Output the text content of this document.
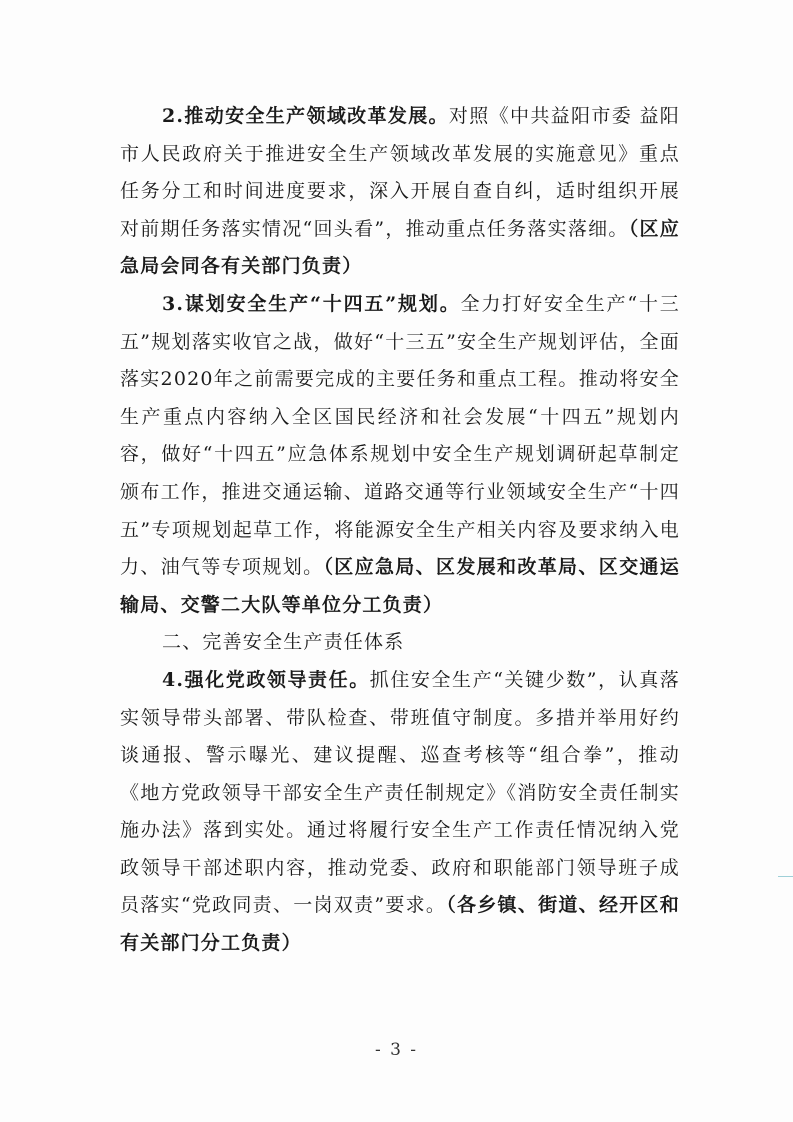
2.推动安全生产领域改革发展。对照《中共益阳市委 益阳市人民政府关于推进安全生产领域改革发展的实施意见》重点任务分工和时间进度要求，深入开展自查自纠，适时组织开展对前期任务落实情况“回头看”，推动重点任务落实落细。（区应急局会同各有关部门负责）

3.谋划安全生产“十四五”规划。全力打好安全生产“十三五”规划落实收官之战，做好“十三五”安全生产规划评估，全面落实2020年之前需要完成的主要任务和重点工程。推动将安全生产重点内容纳入全区国民经济和社会发展“十四五”规划内容，做好“十四五”应急体系规划中安全生产规划调研起草制定颁布工作，推进交通运输、道路交通等行业领域安全生产“十四五”专项规划起草工作，将能源安全生产相关内容及要求纳入电力、油气等专项规划。（区应急局、区发展和改革局、区交通运输局、交警二大队等单位分工负责）

二、完善安全生产责任体系

4.强化党政领导责任。抓住安全生产“关键少数”，认真落实领导带头部署、带队检查、带班值守制度。多措并举用好约谈通报、警示曝光、建议提醒、巡查考核等“组合拳”，推动《地方党政领导干部安全生产责任制规定》《消防安全责任制实施办法》落到实处。通过将履行安全生产工作责任情况纳入党政领导干部述职内容，推动党委、政府和职能部门领导班子成员落实“党政同责、一岗双责”要求。（各乡镇、街道、经开区和有关部门分工负责）

- 3 -
